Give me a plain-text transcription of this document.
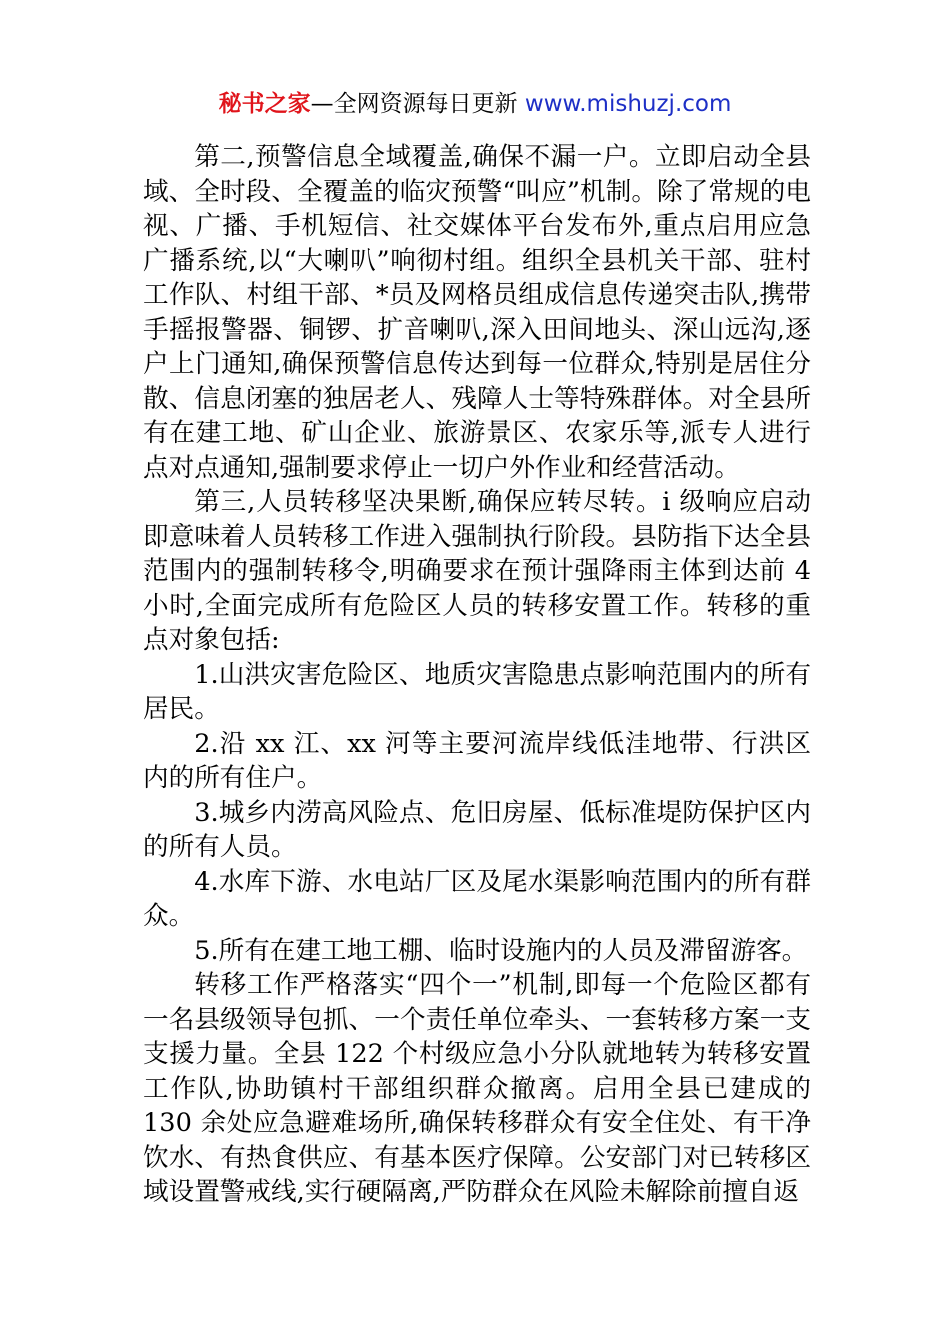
秘书之家—全网资源每日更新 www.mishuzj.com

第二,预警信息全域覆盖,确保不漏一户。立即启动全县域、全时段、全覆盖的临灾预警“叫应”机制。除了常规的电视、广播、手机短信、社交媒体平台发布外,重点启用应急广播系统,以“大喇叭”响彻村组。组织全县机关干部、驻村工作队、村组干部、*员及网格员组成信息传递突击队,携带手摇报警器、铜锣、扩音喇叭,深入田间地头、深山远沟,逐户上门通知,确保预警信息传达到每一位群众,特别是居住分散、信息闭塞的独居老人、残障人士等特殊群体。对全县所有在建工地、矿山企业、旅游景区、农家乐等,派专人进行点对点通知,强制要求停止一切户外作业和经营活动。

第三,人员转移坚决果断,确保应转尽转。i 级响应启动即意味着人员转移工作进入强制执行阶段。县防指下达全县范围内的强制转移令,明确要求在预计强降雨主体到达前 4 小时,全面完成所有危险区人员的转移安置工作。转移的重点对象包括:

1.山洪灾害危险区、地质灾害隐患点影响范围内的所有居民。

2.沿 xx 江、xx 河等主要河流岸线低洼地带、行洪区内的所有住户。

3.城乡内涝高风险点、危旧房屋、低标准堤防保护区内的所有人员。

4.水库下游、水电站厂区及尾水渠影响范围内的所有群众。

5.所有在建工地工棚、临时设施内的人员及滞留游客。

转移工作严格落实“四个一”机制,即每一个危险区都有一名县级领导包抓、一个责任单位牵头、一套转移方案一支支援力量。全县 122 个村级应急小分队就地转为转移安置工作队,协助镇村干部组织群众撤离。启用全县已建成的 130 余处应急避难场所,确保转移群众有安全住处、有干净饮水、有热食供应、有基本医疗保障。公安部门对已转移区域设置警戒线,实行硬隔离,严防群众在风险未解除前擅自返
